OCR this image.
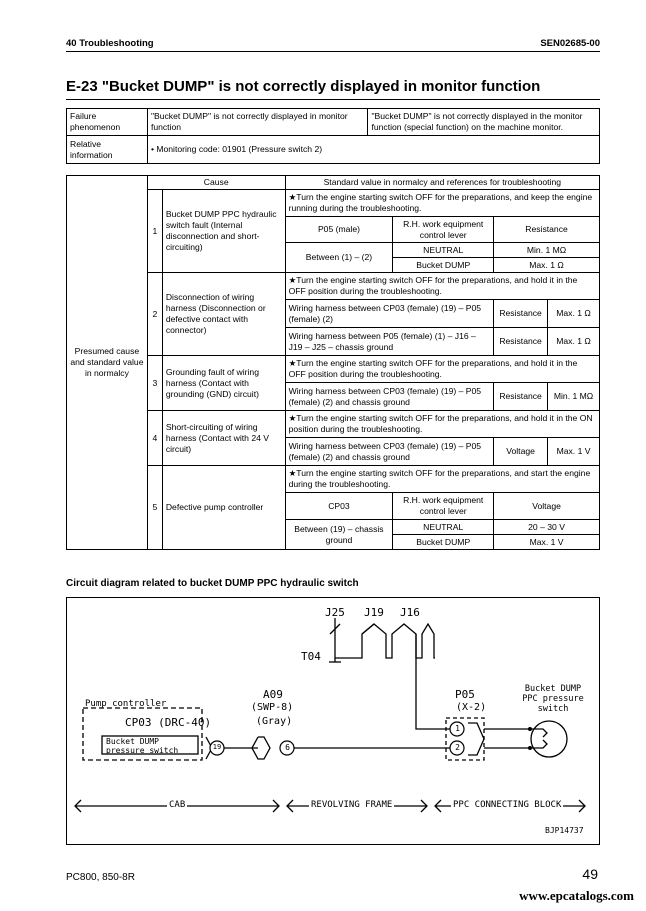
40 Troubleshooting	SEN02685-00
E-23 "Bucket DUMP" is not correctly displayed in monitor function
Failure phenomenon	"Bucket DUMP" is not correctly displayed in monitor function	"Bucket DUMP" is not correctly displayed in the monitor function (special function) on the machine monitor.
Relative information	• Monitoring code: 01901 (Pressure switch 2)	
Presumed cause and standard value in normalcy	Cause		Standard value in normalcy and references for troubleshooting			
	1	Bucket DUMP PPC hydraulic switch fault (Internal disconnection and short-circuiting)	★Turn the engine starting switch OFF for the preparations, and keep the engine running during the troubleshooting.			
			P05 (male)	R.H. work equipment control lever	Resistance	
			Between (1) – (2)	NEUTRAL	Min. 1 MΩ	
				Bucket DUMP	Max. 1 Ω	
	2	Disconnection of wiring harness (Disconnection or defective contact with connector)	★Turn the engine starting switch OFF for the preparations, and hold it in the OFF position during the troubleshooting.			
			Wiring harness between CP03 (female) (19) – P05 (female) (2)		Resistance	Max. 1 Ω
			Wiring harness between P05 (female) (1) – J16 – J19 – J25 – chassis ground		Resistance	Max. 1 Ω
	3	Grounding fault of wiring harness (Contact with grounding (GND) circuit)	★Turn the engine starting switch OFF for the preparations, and hold it in the OFF position during the troubleshooting.			
			Wiring harness between CP03 (female) (19) – P05 (female) (2) and chassis ground		Resistance	Min. 1 MΩ
	4	Short-circuiting of wiring harness (Contact with 24 V circuit)	★Turn the engine starting switch OFF for the preparations, and hold it in the ON position during the troubleshooting.			
			Wiring harness between CP03 (female) (19) – P05 (female) (2) and chassis ground		Voltage	Max. 1 V
	5	Defective pump controller	★Turn the engine starting switch OFF for the preparations, and start the engine during the troubleshooting.			
			CP03	R.H. work equipment control lever	Voltage	
			Between (19) – chassis ground	NEUTRAL	20 – 30 V	
				Bucket DUMP	Max. 1 V	
Circuit diagram related to bucket DUMP PPC hydraulic switch
J25 J19 J16
T04
Pump controller
CP03 (DRC-40)
Bucket DUMP pressure switch
A09
(SWP-8)
(Gray)
P05
(X-2)
Bucket DUMP PPC pressure switch
19	6
1
2
CAB	REVOLVING FRAME	PPC CONNECTING BLOCK
BJP14737
PC800, 850-8R	49
www.epcatalogs.com
